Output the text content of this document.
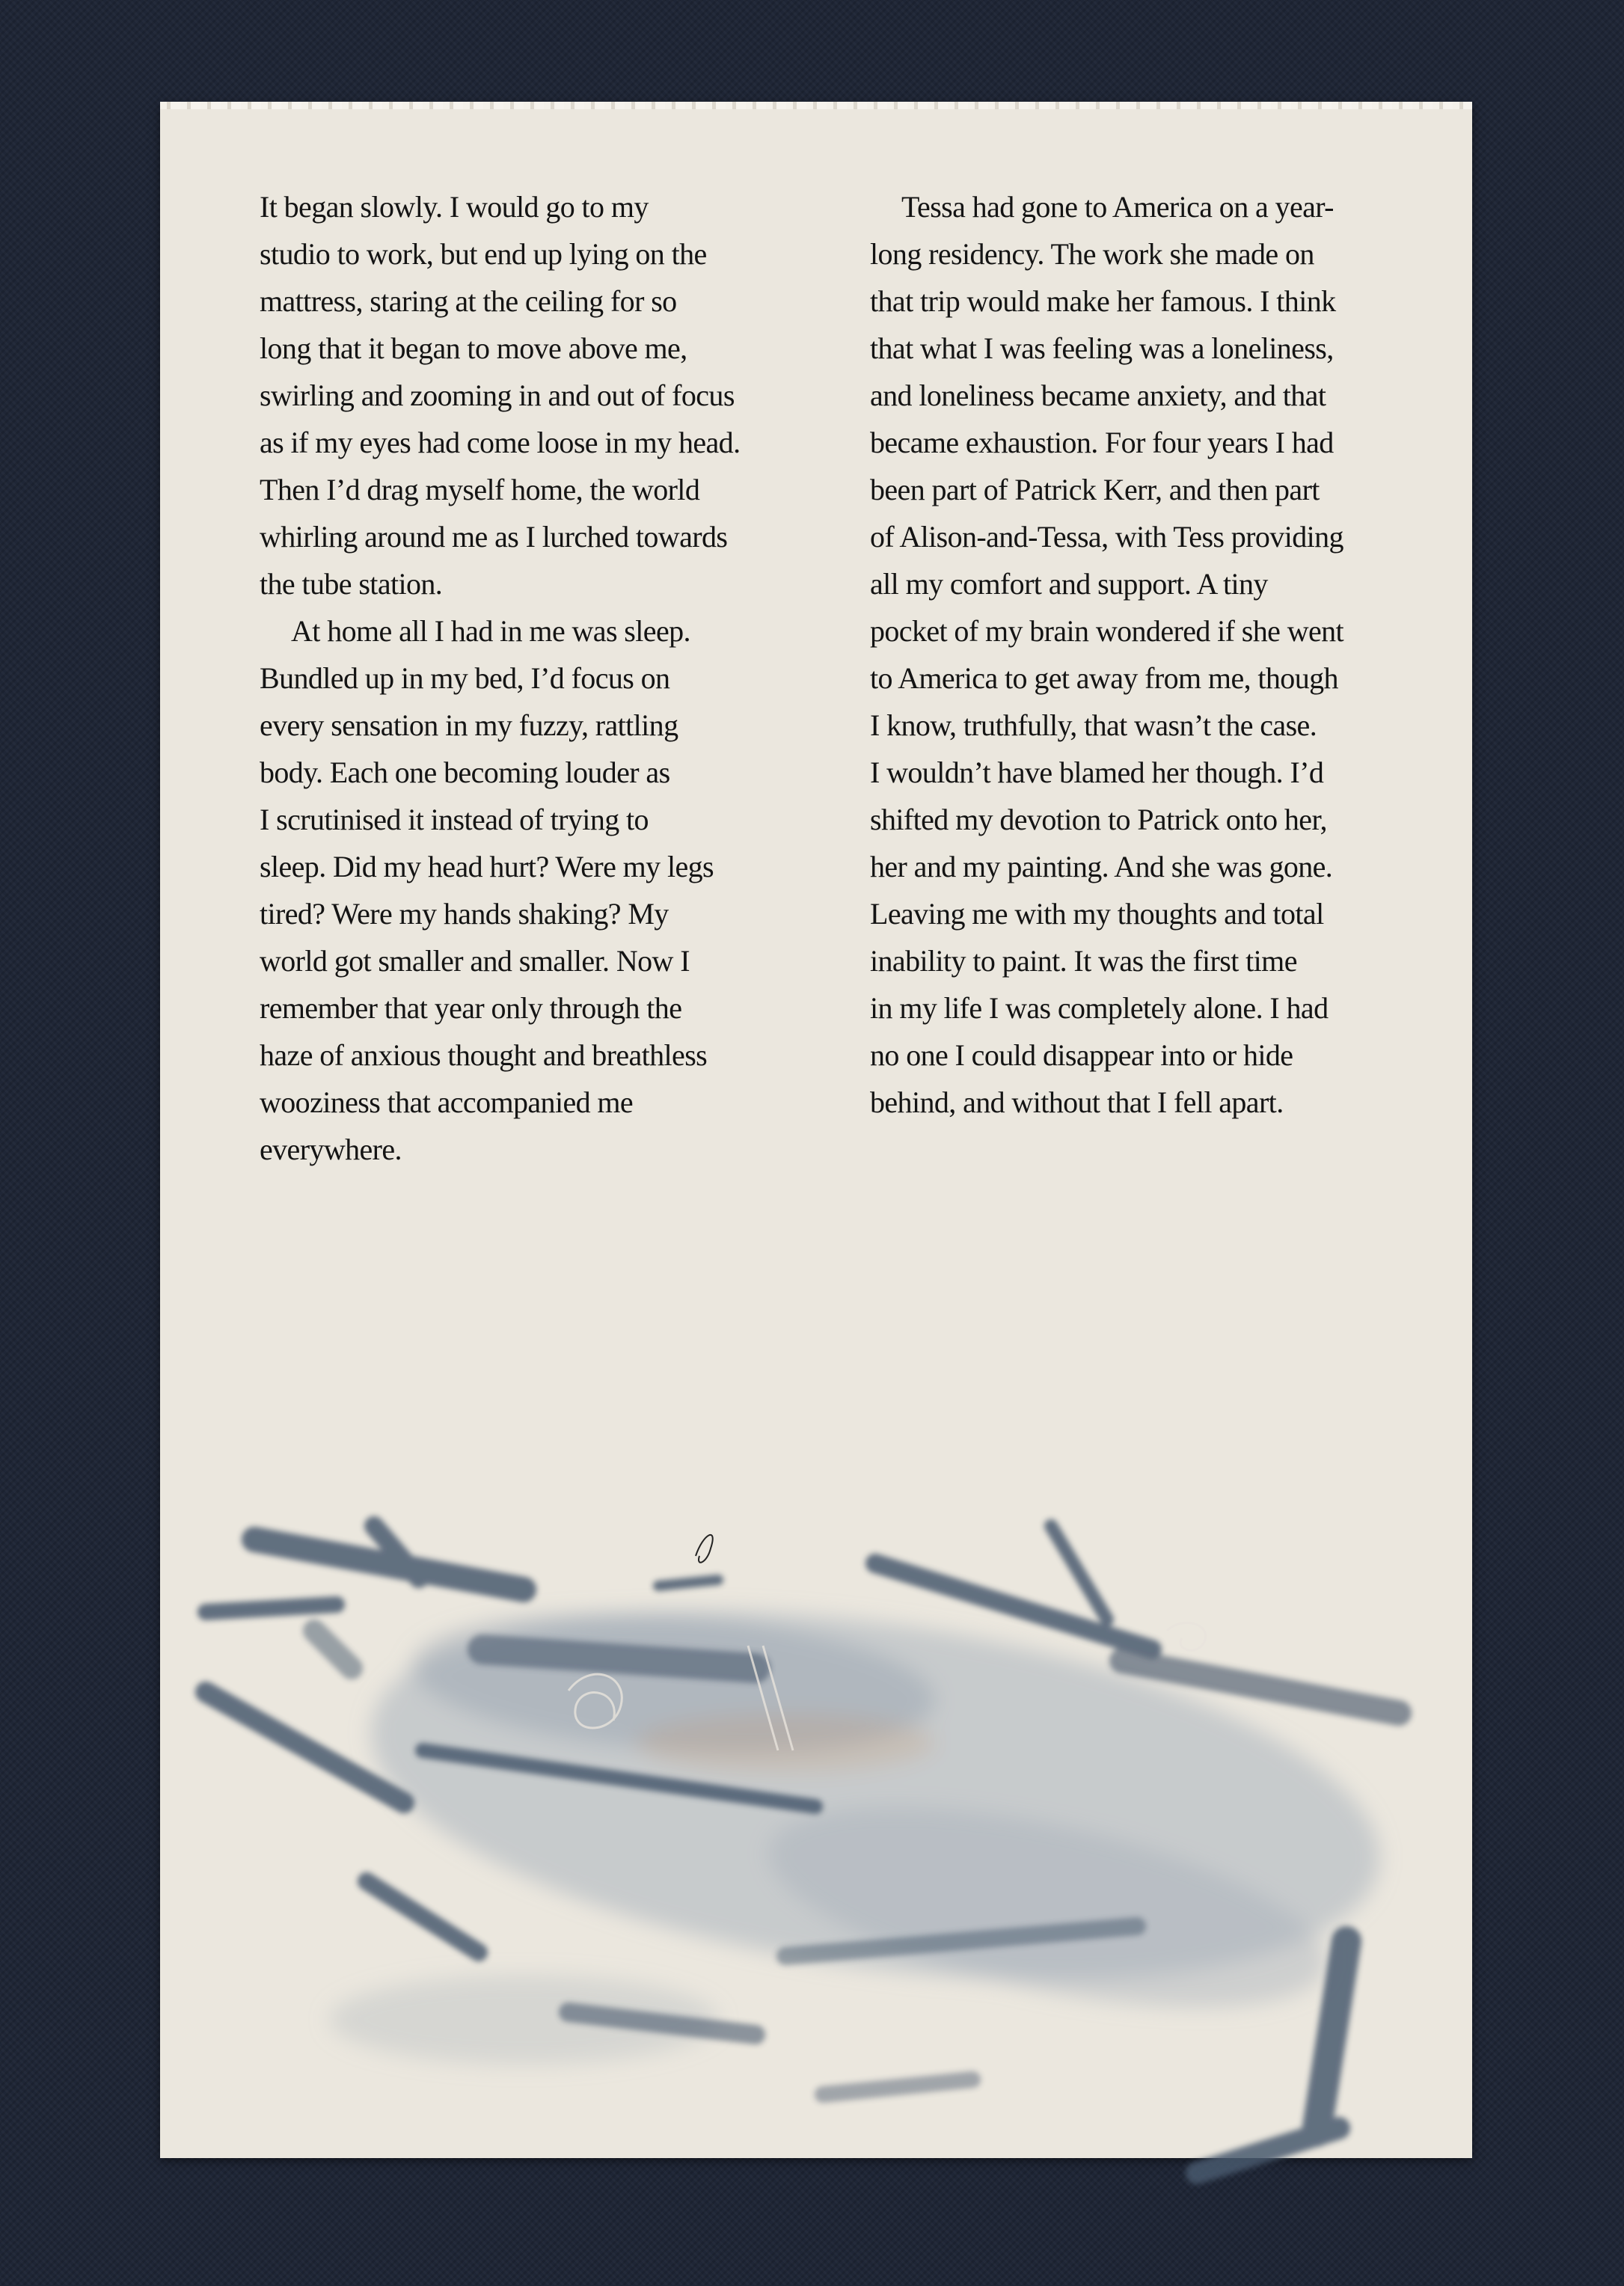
It began slowly. I would go to my
studio to work, but end up lying on the
mattress, staring at the ceiling for so
long that it began to move above me,
swirling and zooming in and out of focus
as if my eyes had come loose in my head.
Then I’d drag myself home, the world
whirling around me as I lurched towards
the tube station.
At home all I had in me was sleep.
Bundled up in my bed, I’d focus on
every sensation in my fuzzy, rattling
body. Each one becoming louder as
I scrutinised it instead of trying to
sleep. Did my head hurt? Were my legs
tired? Were my hands shaking? My
world got smaller and smaller. Now I
remember that year only through the
haze of anxious thought and breathless
wooziness that accompanied me
everywhere.
Tessa had gone to America on a year-
long residency. The work she made on
that trip would make her famous. I think
that what I was feeling was a loneliness,
and loneliness became anxiety, and that
became exhaustion. For four years I had
been part of Patrick Kerr, and then part
of Alison-and-Tessa, with Tess providing
all my comfort and support. A tiny
pocket of my brain wondered if she went
to America to get away from me, though
I know, truthfully, that wasn’t the case.
I wouldn’t have blamed her though. I’d
shifted my devotion to Patrick onto her,
her and my painting. And she was gone.
Leaving me with my thoughts and total
inability to paint. It was the first time
in my life I was completely alone. I had
no one I could disappear into or hide
behind, and without that I fell apart.
